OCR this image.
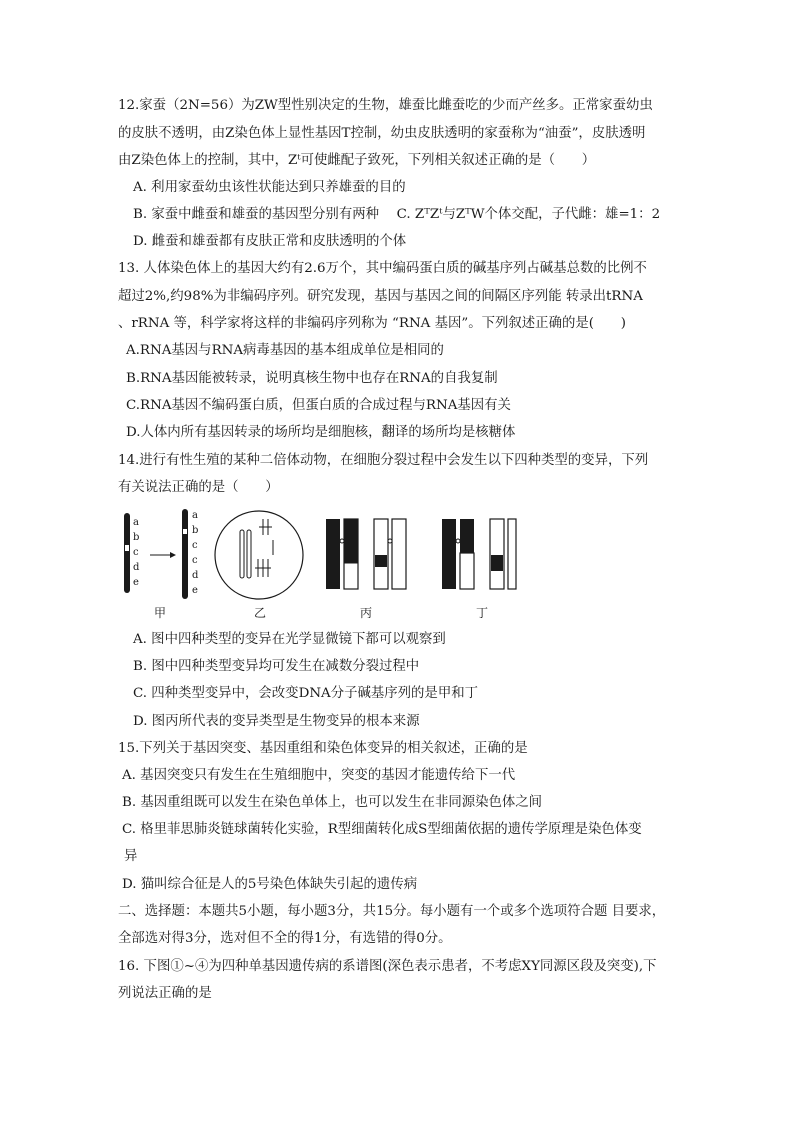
12.家蚕（2N=56）为ZW型性别决定的生物，雄蚕比雌蚕吃的少而产丝多。正常家蚕幼虫
的皮肤不透明，由Z染色体上显性基因T控制，幼虫皮肤透明的家蚕称为“油蚕”，皮肤透明
由Z染色体上的控制，其中，Zᵗ可使雌配子致死，下列相关叙述正确的是（　　）
A. 利用家蚕幼虫该性状能达到只养雄蚕的目的
B. 家蚕中雌蚕和雄蚕的基因型分别有两种　 C. ZᵀZᵗ与ZᵀW个体交配，子代雌：雄=1：2
D. 雌蚕和雄蚕都有皮肤正常和皮肤透明的个体
13. 人体染色体上的基因大约有2.6万个，其中编码蛋白质的碱基序列占碱基总数的比例不
超过2%,约98%为非编码序列。研究发现，基因与基因之间的间隔区序列能 转录出tRNA
、rRNA 等，科学家将这样的非编码序列称为 “RNA 基因”。下列叙述正确的是(　　)
A.RNA基因与RNA病毒基因的基本组成单位是相同的
B.RNA基因能被转录，说明真核生物中也存在RNA的自我复制
C.RNA基因不编码蛋白质，但蛋白质的合成过程与RNA基因有关
D.人体内所有基因转录的场所均是细胞核，翻译的场所均是核糖体
14.进行有性生殖的某种二倍体动物，在细胞分裂过程中会发生以下四种类型的变异，下列
有关说法正确的是（　　）
a
b
c
d
e
a
b
c
c
d
e
甲	乙	丙	丁
A. 图中四种类型的变异在光学显微镜下都可以观察到
B. 图中四种类型变异均可发生在减数分裂过程中
C. 四种类型变异中，会改变DNA分子碱基序列的是甲和丁
D. 图丙所代表的变异类型是生物变异的根本来源
15.下列关于基因突变、基因重组和染色体变异的相关叙述，正确的是
A. 基因突变只有发生在生殖细胞中，突变的基因才能遗传给下一代
B. 基因重组既可以发生在染色单体上，也可以发生在非同源染色体之间
C. 格里菲思肺炎链球菌转化实验，R型细菌转化成S型细菌依据的遗传学原理是染色体变
异
D. 猫叫综合征是人的5号染色体缺失引起的遗传病
二、选择题：本题共5小题，每小题3分，共15分。每小题有一个或多个选项符合题 目要求，
全部选对得3分，选对但不全的得1分，有选错的得0分。
16. 下图①~④为四种单基因遗传病的系谱图(深色表示患者，不考虑XY同源区段及突变),下
列说法正确的是
